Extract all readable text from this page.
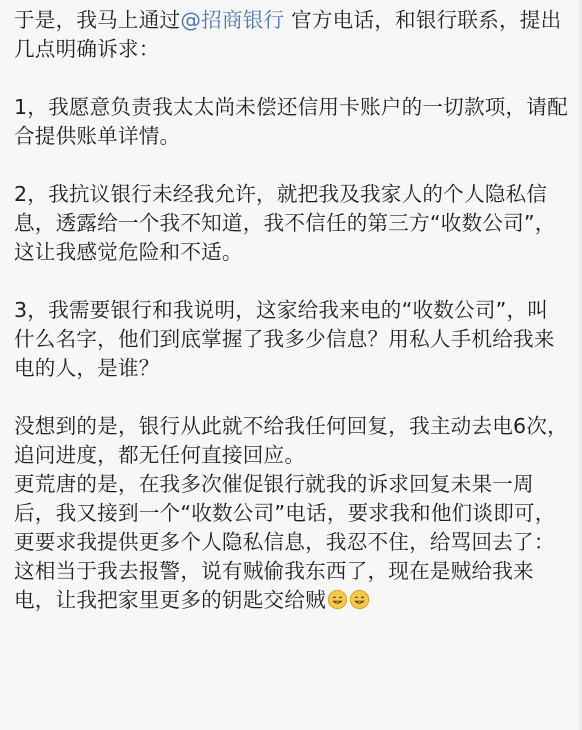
于是，我马上通过@招商银行 官方电话，和银行联系，提出几点明确诉求：

1，我愿意负责我太太尚未偿还信用卡账户的一切款项，请配合提供账单详情。

2，我抗议银行未经我允许，就把我及我家人的个人隐私信息，透露给一个我不知道，我不信任的第三方“收数公司”，这让我感觉危险和不适。

3，我需要银行和我说明，这家给我来电的“收数公司”，叫什么名字，他们到底掌握了我多少信息？用私人手机给我来电的人，是谁？

没想到的是，银行从此就不给我任何回复，我主动去电6次，追问进度，都无任何直接回应。

更荒唐的是，在我多次催促银行就我的诉求回复未果一周后，我又接到一个“收数公司”电话，要求我和他们谈即可，更要求我提供更多个人隐私信息，我忍不住，给骂回去了：这相当于我去报警，说有贼偷我东西了，现在是贼给我来电，让我把家里更多的钥匙交给贼
